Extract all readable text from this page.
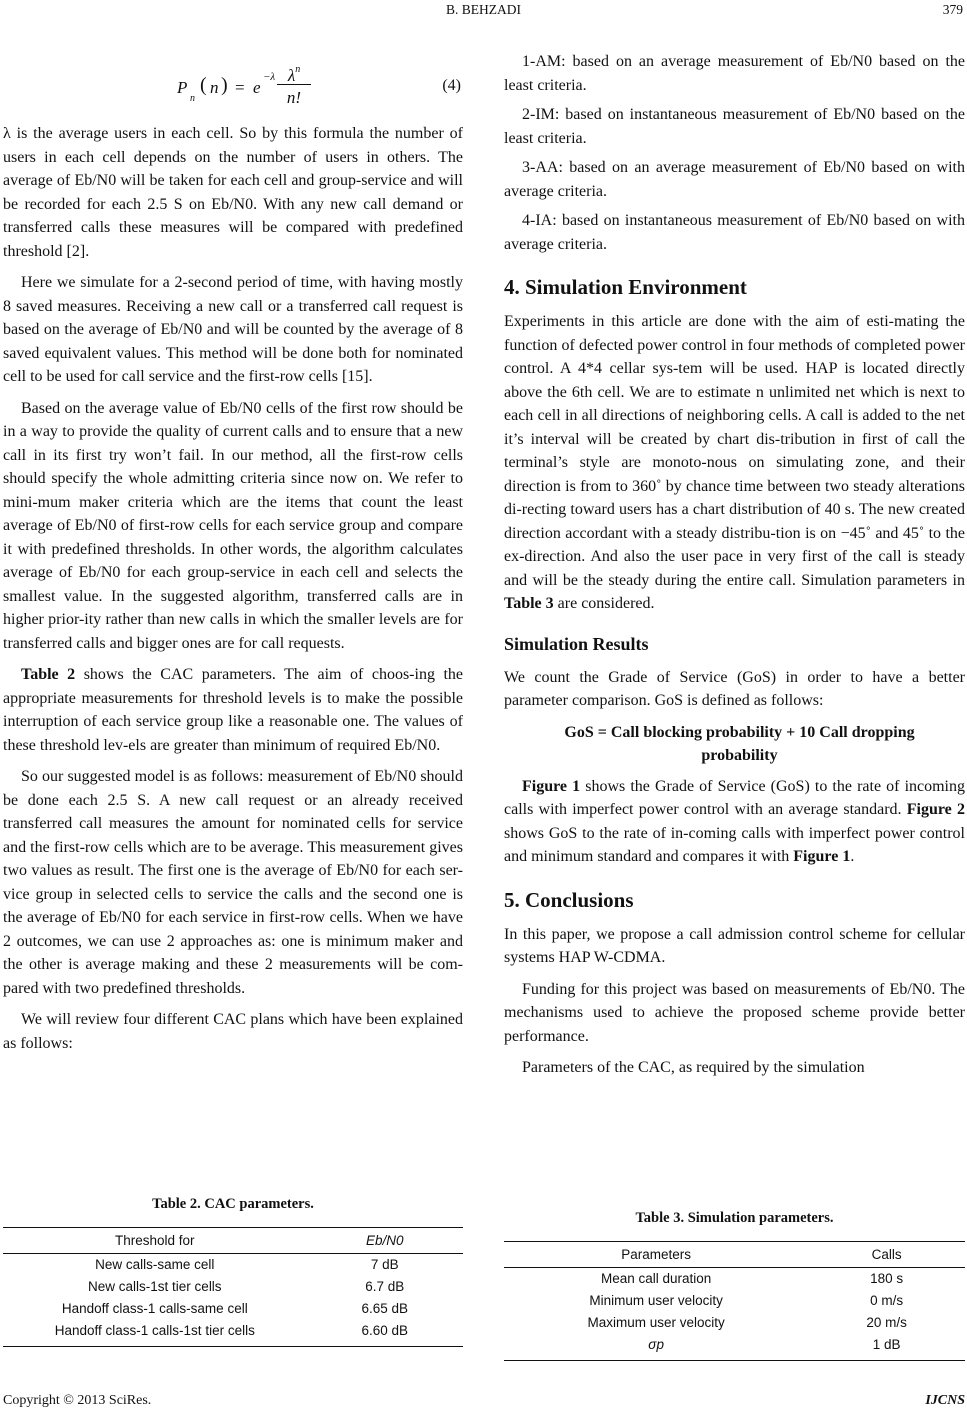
B. BEHZADI	379
P
n
( n ) = e
−λ $\lambda^n$
n!
(4)

λ is the average users in each cell. So by this formula the number of users in each cell depends on the number of users in others. The average of Eb/N0 will be taken for each cell and group-service and will be recorded for each 2.5 S on Eb/N0. With any new call demand or transferred calls these measures will be compared with predefined threshold [2].

Here we simulate for a 2-second period of time, with having mostly 8 saved measures. Receiving a new call or a transferred call request is based on the average of Eb/N0 and will be counted by the average of 8 saved equivalent values. This method will be done both for nominated cell to be used for call service and the first-row cells [15].

Based on the average value of Eb/N0 cells of the first row should be in a way to provide the quality of current calls and to ensure that a new call in its first try won’t fail. In our method, all the first-row cells should specify the whole admitting criteria since now on. We refer to mini-mum maker criteria which are the items that count the least average of Eb/N0 of first-row cells for each service group and compare it with predefined thresholds. In other words, the algorithm calculates average of Eb/N0 for each group-service in each cell and selects the smallest value. In the suggested algorithm, transferred calls are in higher prior-ity rather than new calls in which the smaller levels are for transferred calls and bigger ones are for call requests.

Table 2 shows the CAC parameters. The aim of choos-ing the appropriate measurements for threshold levels is to make the possible interruption of each service group like a reasonable one. The values of these threshold lev-els are greater than minimum of required Eb/N0.

So our suggested model is as follows: measurement of Eb/N0 should be done each 2.5 S. A new call request or an already received transferred call measures the amount for nominated cells for service and the first-row cells which are to be average. This measurement gives two values as result. The first one is the average of Eb/N0 for each ser-vice group in selected cells to service the calls and the second one is the average of Eb/N0 for each service in first-row cells. When we have 2 outcomes, we can use 2 approaches as: one is minimum maker and the other is average making and these 2 measurements will be com-pared with two predefined thresholds.

We will review four different CAC plans which have been explained as follows:

Table 2. CAC parameters.

Threshold for	Eb/N0
New calls-same cell	7 dB
New calls-1st tier cells	6.7 dB
Handoff class-1 calls-same cell	6.65 dB
Handoff class-1 calls-1st tier cells	6.60 dB

1-AM: based on an average measurement of Eb/N0 based on the least criteria.

2-IM: based on instantaneous measurement of Eb/N0 based on the least criteria.

3-AA: based on an average measurement of Eb/N0 based on with average criteria.

4-IA: based on instantaneous measurement of Eb/N0 based on with average criteria.

4. Simulation Environment

Experiments in this article are done with the aim of esti-mating the function of defected power control in four methods of completed power control. A 4*4 cellar sys-tem will be used. HAP is located directly above the 6th cell. We are to estimate n unlimited net which is next to each cell in all directions of neighboring cells. A call is added to the net it’s interval will be created by chart dis-tribution in first of call the terminal’s style are monoto-nous on simulating zone, and their direction is from to 360˚ by chance time between two steady alterations di-recting toward users has a chart distribution of 40 s. The new created direction accordant with a steady distribu-tion is on −45˚ and 45˚ to the ex-direction. And also the user pace in very first of the call is steady and will be the steady during the entire call. Simulation parameters in Table 3 are considered.

Simulation Results

We count the Grade of Service (GoS) in order to have a better parameter comparison. GoS is defined as follows:

GoS = Call blocking probability + 10 Call dropping
probability

Figure 1 shows the Grade of Service (GoS) to the rate of incoming calls with imperfect power control with an average standard. Figure 2 shows GoS to the rate of in-coming calls with imperfect power control and minimum standard and compares it with Figure 1.

5. Conclusions

In this paper, we propose a call admission control scheme for cellular systems HAP W-CDMA.

Funding for this project was based on measurements of Eb/N0. The mechanisms used to achieve the proposed scheme provide better performance.

Parameters of the CAC, as required by the simulation

Table 3. Simulation parameters.

Parameters	Calls
Mean call duration	180 s
Minimum user velocity	0 m/s
Maximum user velocity	20 m/s
σp	1 dB
Copyright © 2013 SciRes.	IJCNS
